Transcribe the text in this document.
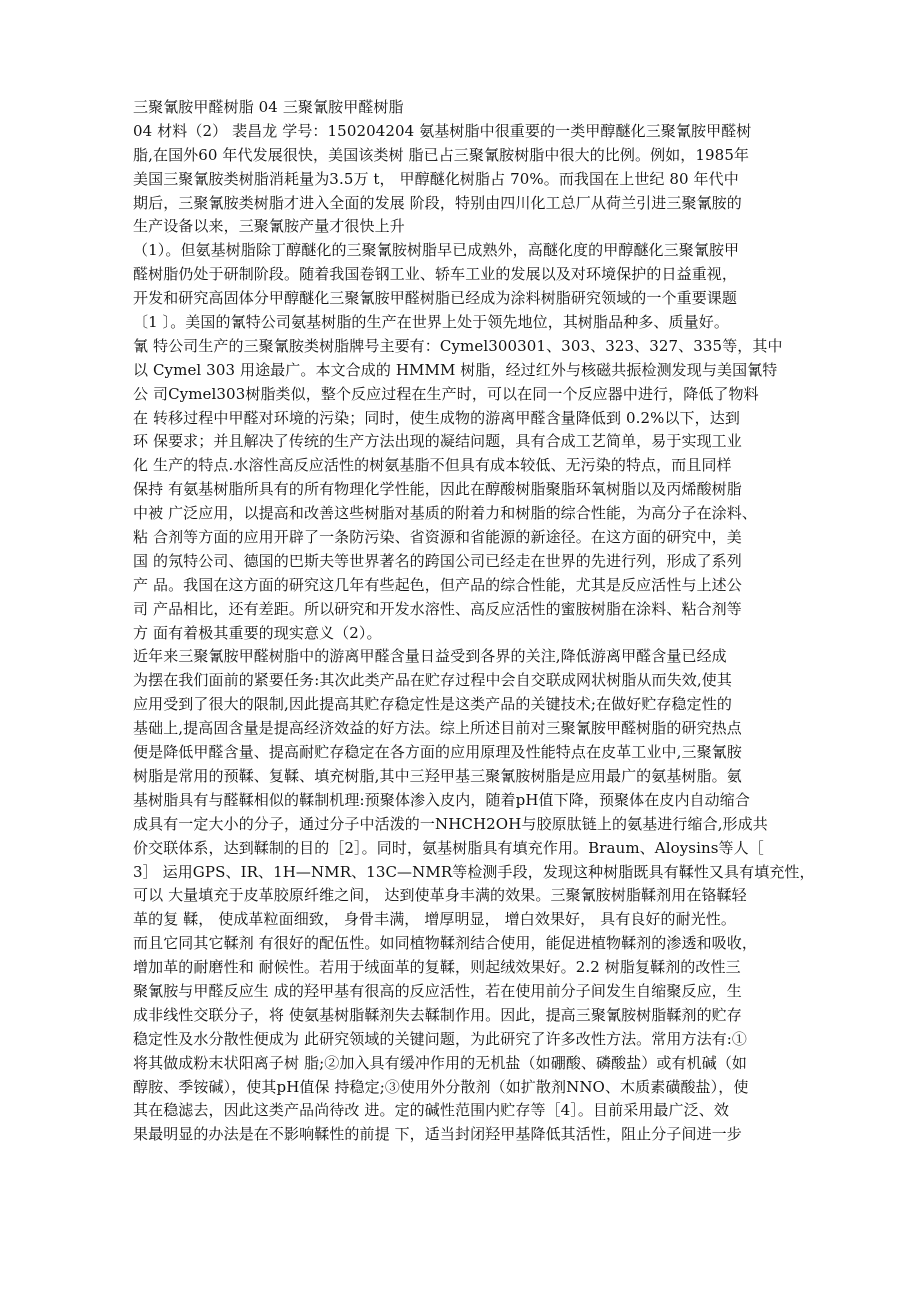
三聚氰胺甲醛树脂 04 三聚氰胺甲醛树脂
04 材料（2） 裴昌龙 学号：150204204 氨基树脂中很重要的一类甲醇醚化三聚氰胺甲醛树
脂,在国外60 年代发展很快，美国该类树 脂已占三聚氰胺树脂中很大的比例。例如，1985年
美国三聚氰胺类树脂消耗量为3.5万 t， 甲醇醚化树脂占 70%。而我国在上世纪 80 年代中
期后，三聚氰胺类树脂才进入全面的发展 阶段，特别由四川化工总厂从荷兰引进三聚氰胺的
生产设备以来，三聚氰胺产量才很快上升
（1）。但氨基树脂除丁醇醚化的三聚氰胺树脂早已成熟外，高醚化度的甲醇醚化三聚氰胺甲
醛树脂仍处于研制阶段。随着我国卷钢工业、轿车工业的发展以及对环境保护的日益重视，
开发和研究高固体分甲醇醚化三聚氰胺甲醛树脂已经成为涂料树脂研究领域的一个重要课题
〔1 〕。美国的氰特公司氨基树脂的生产在世界上处于领先地位，其树脂品种多、质量好。
氰 特公司生产的三聚氰胺类树脂牌号主要有：Cymel300301、303、323、327、335等，其中
以 Cymel 303 用途最广。本文合成的 HMMM 树脂，经过红外与核磁共振检测发现与美国氰特
公 司Cymel303树脂类似，整个反应过程在生产时，可以在同一个反应器中进行，降低了物料
在 转移过程中甲醛对环境的污染；同时，使生成物的游离甲醛含量降低到 0.2%以下，达到
环 保要求；并且解决了传统的生产方法出现的凝结问题，具有合成工艺简单，易于实现工业
化 生产的特点.水溶性高反应活性的树氨基脂不但具有成本较低、无污染的特点，而且同样
保持 有氨基树脂所具有的所有物理化学性能，因此在醇酸树脂聚脂环氧树脂以及丙烯酸树脂
中被 广泛应用，以提高和改善这些树脂对基质的附着力和树脂的综合性能，为高分子在涂料、
粘 合剂等方面的应用开辟了一条防污染、省资源和省能源的新途径。在这方面的研究中，美
国 的氖特公司、德国的巴斯夫等世界著名的跨国公司已经走在世界的先进行列，形成了系列
产 品。我国在这方面的研究这几年有些起色，但产品的综合性能，尤其是反应活性与上述公
司 产品相比，还有差距。所以研究和开发水溶性、高反应活性的蜜胺树脂在涂料、粘合剂等
方 面有着极其重要的现实意义（2）。
近年来三聚氰胺甲醛树脂中的游离甲醛含量日益受到各界的关注,降低游离甲醛含量已经成
为摆在我们面前的紧要任务:其次此类产品在贮存过程中会自交联成网状树脂从而失效,使其
应用受到了很大的限制,因此提高其贮存稳定性是这类产品的关键技术;在做好贮存稳定性的
基础上,提高固含量是提高经济效益的好方法。综上所述目前对三聚氰胺甲醛树脂的研究热点
便是降低甲醛含量、提高耐贮存稳定在各方面的应用原理及性能特点在皮革工业中,三聚氰胺
树脂是常用的预鞣、复鞣、填充树脂,其中三羟甲基三聚氰胺树脂是应用最广的氨基树脂。氨
基树脂具有与醛鞣相似的鞣制机理:预聚体渗入皮内，随着pH值下降，预聚体在皮内自动缩合
成具有一定大小的分子，通过分子中活泼的一NHCH2OH与胶原肽链上的氨基进行缩合,形成共
价交联体系，达到鞣制的目的［2］。同时，氨基树脂具有填充作用。Braum、Aloysins等人［
3］ 运用GPS、IR、1H—NMR、13C—NMR等检测手段，发现这种树脂既具有鞣性又具有填充性，
可以 大量填充于皮革胶原纤维之间， 达到使革身丰满的效果。三聚氰胺树脂鞣剂用在铬鞣轻
革的复 鞣， 使成革粒面细致， 身骨丰满， 增厚明显， 增白效果好， 具有良好的耐光性。
而且它同其它鞣剂 有很好的配伍性。如同植物鞣剂结合使用，能促进植物鞣剂的渗透和吸收，
增加革的耐磨性和 耐候性。若用于绒面革的复鞣，则起绒效果好。2.2 树脂复鞣剂的改性三
聚氰胺与甲醛反应生 成的羟甲基有很高的反应活性，若在使用前分子间发生自缩聚反应，生
成非线性交联分子，将 使氨基树脂鞣剂失去鞣制作用。因此，提高三聚氰胺树脂鞣剂的贮存
稳定性及水分散性便成为 此研究领域的关键问题，为此研究了许多改性方法。常用方法有:①
将其做成粉末状阳离子树 脂;②加入具有缓冲作用的无机盐（如硼酸、磷酸盐）或有机碱（如
醇胺、季铵碱），使其pH值保 持稳定;③使用外分散剂（如扩散剂NNO、木质素磺酸盐），使
其在稳滤去，因此这类产品尚待改 进。定的碱性范围内贮存等［4］。目前采用最广泛、效
果最明显的办法是在不影响鞣性的前提 下，适当封闭羟甲基降低其活性，阻止分子间进一步
